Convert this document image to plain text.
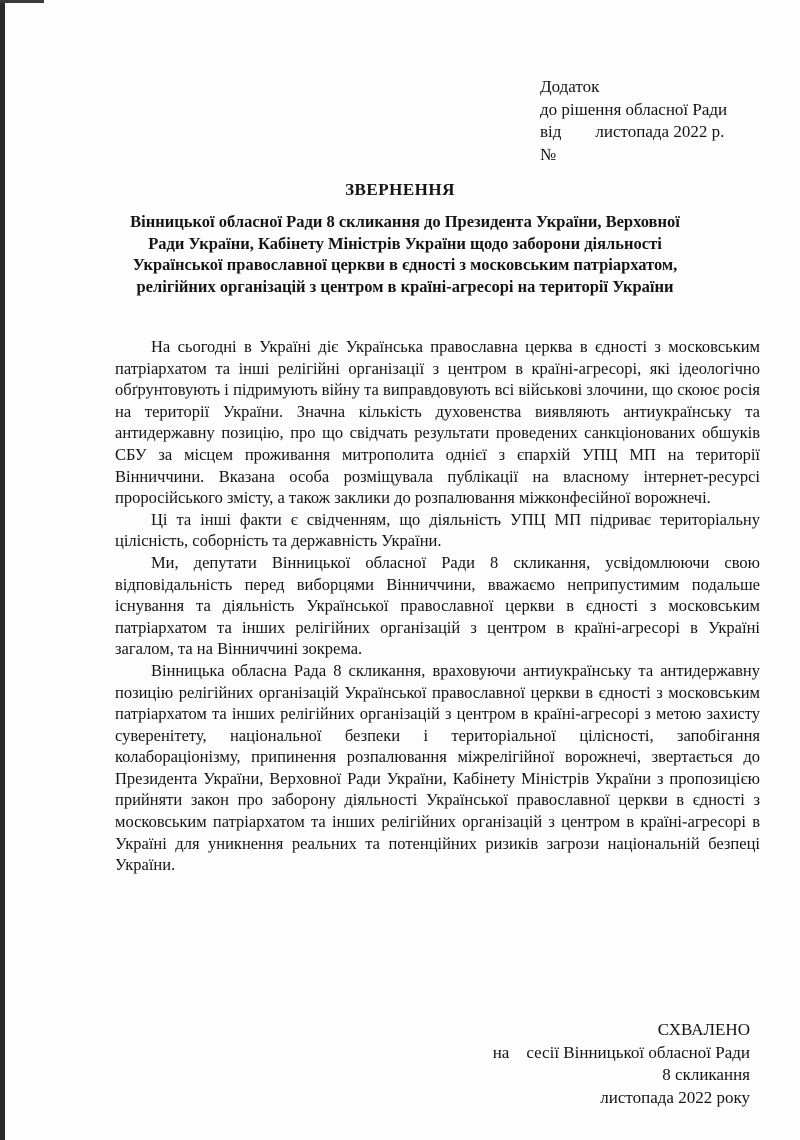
Додаток
до рішення обласної Ради
від        листопада 2022 р.
№
ЗВЕРНЕННЯ
Вінницької обласної Ради 8 скликання до Президента України, Верховної Ради України, Кабінету Міністрів України щодо заборони діяльності Української православної церкви в єдності з московським патріархатом, релігійних організацій з центром в країні-агресорі на території України

На сьогодні в Україні діє Українська православна церква в єдності з московським патріархатом та інші релігійні організації з центром в країні-агресорі, які ідеологічно обґрунтовують і підримують війну та виправдовують всі військові злочини, що скоює росія на території України. Значна кількість духовенства виявляють антиукраїнську та антидержавну позицію, про що свідчать результати проведених санкціонованих обшуків СБУ за місцем проживання митрополита однієї з єпархій УПЦ МП на території Вінниччини. Вказана особа розміщувала публікації на власному інтернет-ресурсі проросійського змісту, а також заклики до розпалювання міжконфесійної ворожнечі.

Ці та інші факти є свідченням, що діяльність УПЦ МП підриває територіальну цілісність, соборність та державність України.

Ми, депутати Вінницької обласної Ради 8 скликання, усвідомлюючи свою відповідальність перед виборцями Вінниччини, вважаємо неприпустимим подальше існування та діяльність Української православної церкви в єдності з московським патріархатом та інших релігійних організацій з центром в країні-агресорі в Україні загалом, та на Вінниччині зокрема.

Вінницька обласна Рада 8 скликання, враховуючи антиукраїнську та антидержавну позицію релігійних організацій Української православної церкви в єдності з московським патріархатом та інших релігійних організацій з центром в країні-агресорі з метою захисту суверенітету, національної безпеки і територіальної цілісності, запобігання колабораціонізму, припинення розпалювання міжрелігійної ворожнечі, звертається до Президента України, Верховної Ради України, Кабінету Міністрів України з пропозицією прийняти закон про заборону діяльності Української православної церкви в єдності з московським патріархатом та інших релігійних організацій з центром в країні-агресорі в Україні для уникнення реальних та потенційних ризиків загрози національній безпеці України.

СХВАЛЕНО
на    сесії Вінницької обласної Ради
8 скликання
листопада 2022 року
